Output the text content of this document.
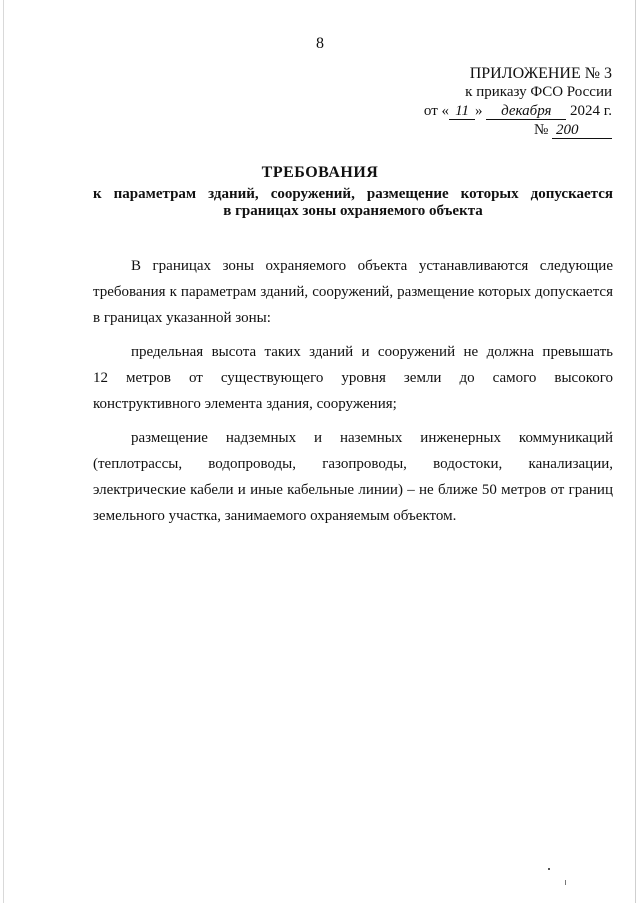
8
ПРИЛОЖЕНИЕ № 3
к приказу ФСО России
от « 11 » декабря 2024 г.
№ 200
ТРЕБОВАНИЯ
к параметрам зданий, сооружений, размещение которых допускается
в границах зоны охраняемого объекта

В границах зоны охраняемого объекта устанавливаются следующие
требования к параметрам зданий, сооружений, размещение которых допускается
в границах указанной зоны:

предельная высота таких зданий и сооружений не должна превышать
12 метров от существующего уровня земли до самого высокого
конструктивного элемента здания, сооружения;

размещение надземных и наземных инженерных коммуникаций
(теплотрассы, водопроводы, газопроводы, водостоки, канализации,
электрические кабели и иные кабельные линии) – не ближе 50 метров от границ
земельного участка, занимаемого охраняемым объектом.
